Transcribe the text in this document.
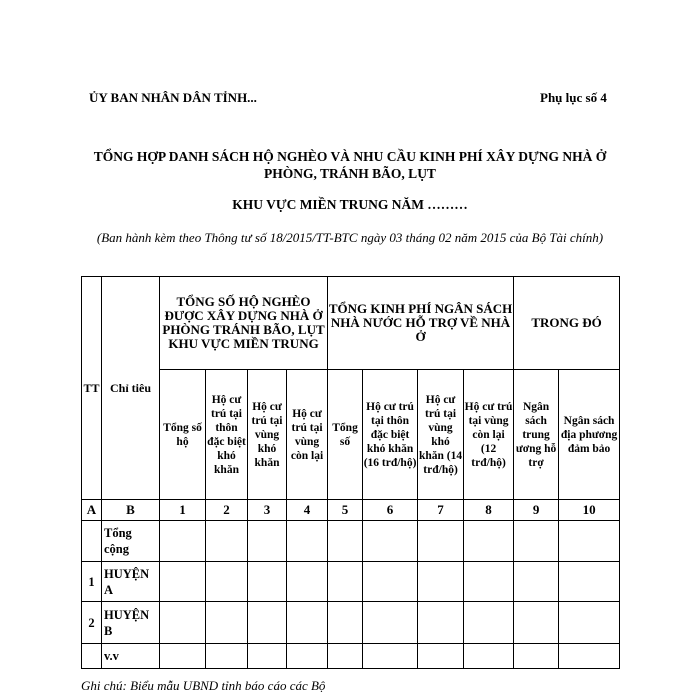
ỦY BAN NHÂN DÂN TỈNH...	Phụ lục số 4
TỔNG HỢP DANH SÁCH HỘ NGHÈO VÀ NHU CẦU KINH PHÍ XÂY DỰNG NHÀ Ở
PHÒNG, TRÁNH BÃO, LỤT
KHU VỰC MIỀN TRUNG NĂM ………
(Ban hành kèm theo Thông tư số 18/2015/TT-BTC ngày 03 tháng 02 năm 2015 của Bộ Tài chính)
TT	Chỉ tiêu	TỔNG SỐ HỘ NGHÈO ĐƯỢC XÂY DỰNG NHÀ Ở PHÒNG TRÁNH BÃO, LỤT KHU VỰC MIỀN TRUNG				TỔNG KINH PHÍ NGÂN SÁCH NHÀ NƯỚC HỖ TRỢ VỀ NHÀ Ở				TRONG ĐÓ	
		Tổng số hộ	Hộ cư trú tại thôn đặc biệt khó khăn	Hộ cư trú tại vùng khó khăn	Hộ cư trú tại vùng còn lại	Tổng số	Hộ cư trú tại thôn đặc biệt khó khăn (16 trđ/hộ)	Hộ cư trú tại vùng khó khăn (14 trđ/hộ)	Hộ cư trú tại vùng còn lại (12 trđ/hộ)	Ngân sách trung ương hỗ trợ	Ngân sách địa phương đảm bảo
A	B	1	2	3	4	5	6	7	8	9	10
	Tổng cộng										
1	HUYỆN A										
2	HUYỆN B										
	v.v										
Ghi chú: Biểu mẫu UBND tỉnh báo cáo các Bộ
